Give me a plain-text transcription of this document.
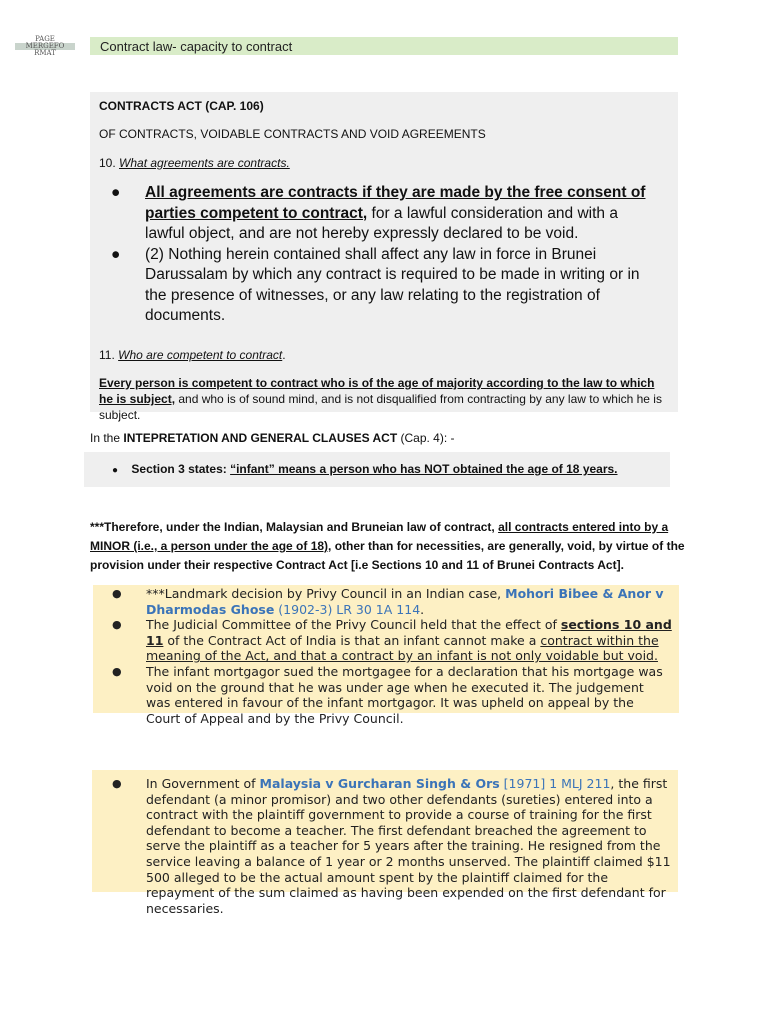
PAGE
MERGEFO
RMAT	Contract law- capacity to contract
CONTRACTS ACT (CAP. 106)
OF CONTRACTS, VOIDABLE CONTRACTS AND VOID AGREEMENTS
10. What agreements are contracts.
● All agreements are contracts if they are made by the free consent of parties competent to contract, for a lawful consideration and with a lawful object, and are not hereby expressly declared to be void.
● (2) Nothing herein contained shall affect any law in force in Brunei Darussalam by which any contract is required to be made in writing or in the presence of witnesses, or any law relating to the registration of documents.
11. Who are competent to contract.
Every person is competent to contract who is of the age of majority according to the law to which he is subject, and who is of sound mind, and is not disqualified from contracting by any law to which he is subject.
In the INTEPRETATION AND GENERAL CLAUSES ACT (Cap. 4): -
● Section 3 states: “infant” means a person who has NOT obtained the age of 18 years.
***Therefore, under the Indian, Malaysian and Bruneian law of contract, all contracts entered into by a MINOR (i.e., a person under the age of 18), other than for necessities, are generally, void, by virtue of the provision under their respective Contract Act [i.e Sections 10 and 11 of Brunei Contracts Act].
● ***Landmark decision by Privy Council in an Indian case, Mohori Bibee & Anor v Dharmodas Ghose (1902-3) LR 30 1A 114.
● The Judicial Committee of the Privy Council held that the effect of sections 10 and 11 of the Contract Act of India is that an infant cannot make a contract within the meaning of the Act, and that a contract by an infant is not only voidable but void.
● The infant mortgagor sued the mortgagee for a declaration that his mortgage was void on the ground that he was under age when he executed it. The judgement was entered in favour of the infant mortgagor. It was upheld on appeal by the Court of Appeal and by the Privy Council.
● In Government of Malaysia v Gurcharan Singh & Ors [1971] 1 MLJ 211, the first defendant (a minor promisor) and two other defendants (sureties) entered into a contract with the plaintiff government to provide a course of training for the first defendant to become a teacher. The first defendant breached the agreement to serve the plaintiff as a teacher for 5 years after the training. He resigned from the service leaving a balance of 1 year or 2 months unserved. The plaintiff claimed $11 500 alleged to be the actual amount spent by the plaintiff claimed for the repayment of the sum claimed as having been expended on the first defendant for necessaries.
